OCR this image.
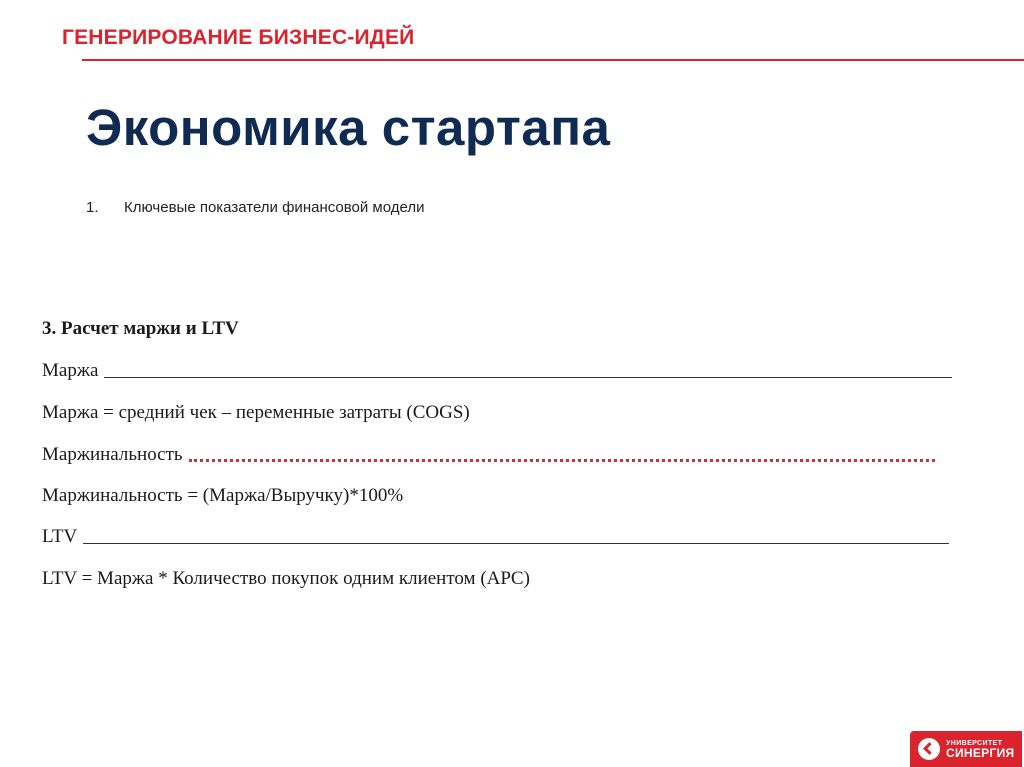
ГЕНЕРИРОВАНИЕ БИЗНЕС-ИДЕЙ
Экономика стартапа
1.	Ключевые показатели финансовой модели
3. Расчет маржи и LTV
Маржа
Маржа = средний чек – переменные затраты (COGS)
Маржинальность
Маржинальность = (Маржа/Выручку)*100%
LTV
LTV = Маржа * Количество покупок одним клиентом (APC)
УНИВЕРСИТЕТ
СИНЕРГИЯ
